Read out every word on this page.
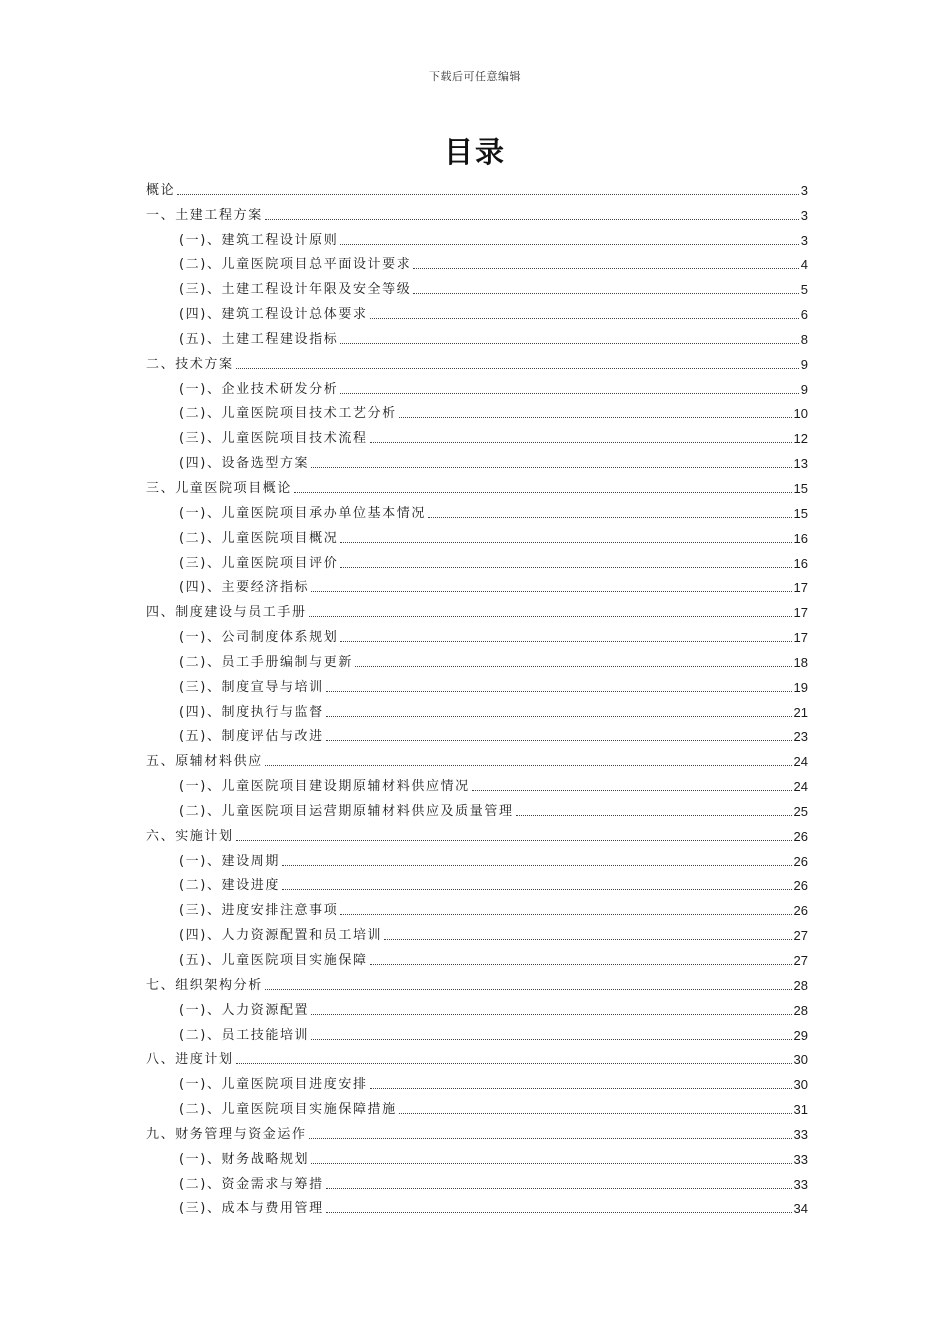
下载后可任意编辑
目录
概论	3
一、土建工程方案	3
(一)、建筑工程设计原则	3
(二)、儿童医院项目总平面设计要求	4
(三)、土建工程设计年限及安全等级	5
(四)、建筑工程设计总体要求	6
(五)、土建工程建设指标	8
二、技术方案	9
(一)、企业技术研发分析	9
(二)、儿童医院项目技术工艺分析	10
(三)、儿童医院项目技术流程	12
(四)、设备选型方案	13
三、儿童医院项目概论	15
(一)、儿童医院项目承办单位基本情况	15
(二)、儿童医院项目概况	16
(三)、儿童医院项目评价	16
(四)、主要经济指标	17
四、制度建设与员工手册	17
(一)、公司制度体系规划	17
(二)、员工手册编制与更新	18
(三)、制度宣导与培训	19
(四)、制度执行与监督	21
(五)、制度评估与改进	23
五、原辅材料供应	24
(一)、儿童医院项目建设期原辅材料供应情况	24
(二)、儿童医院项目运营期原辅材料供应及质量管理	25
六、实施计划	26
(一)、建设周期	26
(二)、建设进度	26
(三)、进度安排注意事项	26
(四)、人力资源配置和员工培训	27
(五)、儿童医院项目实施保障	27
七、组织架构分析	28
(一)、人力资源配置	28
(二)、员工技能培训	29
八、进度计划	30
(一)、儿童医院项目进度安排	30
(二)、儿童医院项目实施保障措施	31
九、财务管理与资金运作	33
(一)、财务战略规划	33
(二)、资金需求与筹措	33
(三)、成本与费用管理	34
